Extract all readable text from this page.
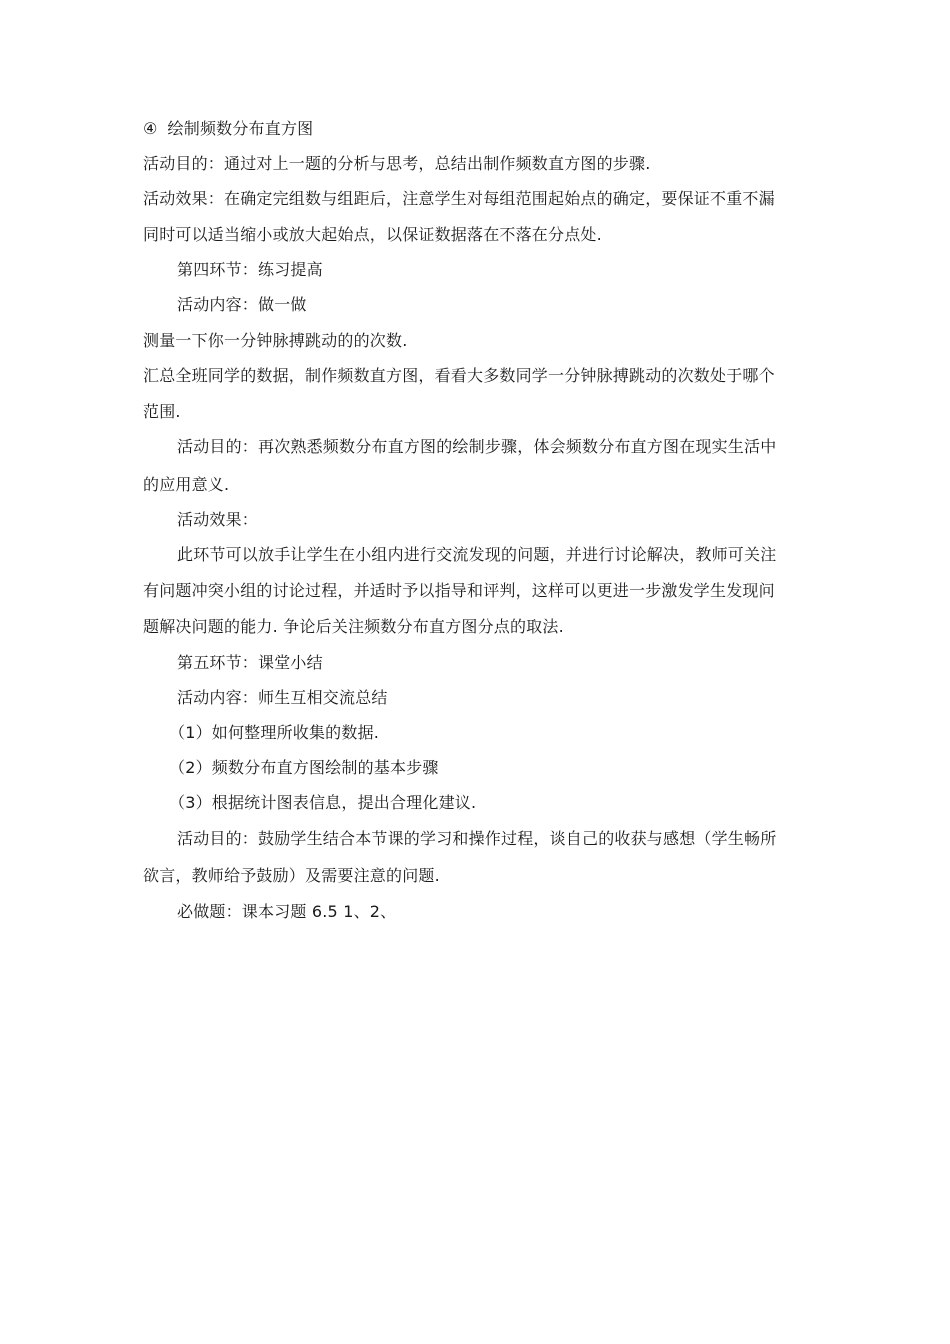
④ 绘制频数分布直方图
活动目的：通过对上一题的分析与思考，总结出制作频数直方图的步骤.
活动效果：在确定完组数与组距后，注意学生对每组范围起始点的确定，要保证不重不漏
同时可以适当缩小或放大起始点，以保证数据落在不落在分点处.
第四环节：练习提高
活动内容：做一做
测量一下你一分钟脉搏跳动的的次数.
汇总全班同学的数据，制作频数直方图，看看大多数同学一分钟脉搏跳动的次数处于哪个
范围.
活动目的：再次熟悉频数分布直方图的绘制步骤，体会频数分布直方图在现实生活中
的应用意义.
活动效果：
此环节可以放手让学生在小组内进行交流发现的问题，并进行讨论解决，教师可关注
有问题冲突小组的讨论过程，并适时予以指导和评判，这样可以更进一步激发学生发现问
题解决问题的能力. 争论后关注频数分布直方图分点的取法.
第五环节：课堂小结
活动内容：师生互相交流总结
（1）如何整理所收集的数据.
（2）频数分布直方图绘制的基本步骤
（3）根据统计图表信息，提出合理化建议.
活动目的：鼓励学生结合本节课的学习和操作过程，谈自己的收获与感想（学生畅所
欲言，教师给予鼓励）及需要注意的问题.
必做题：课本习题 6.5 1、2、
